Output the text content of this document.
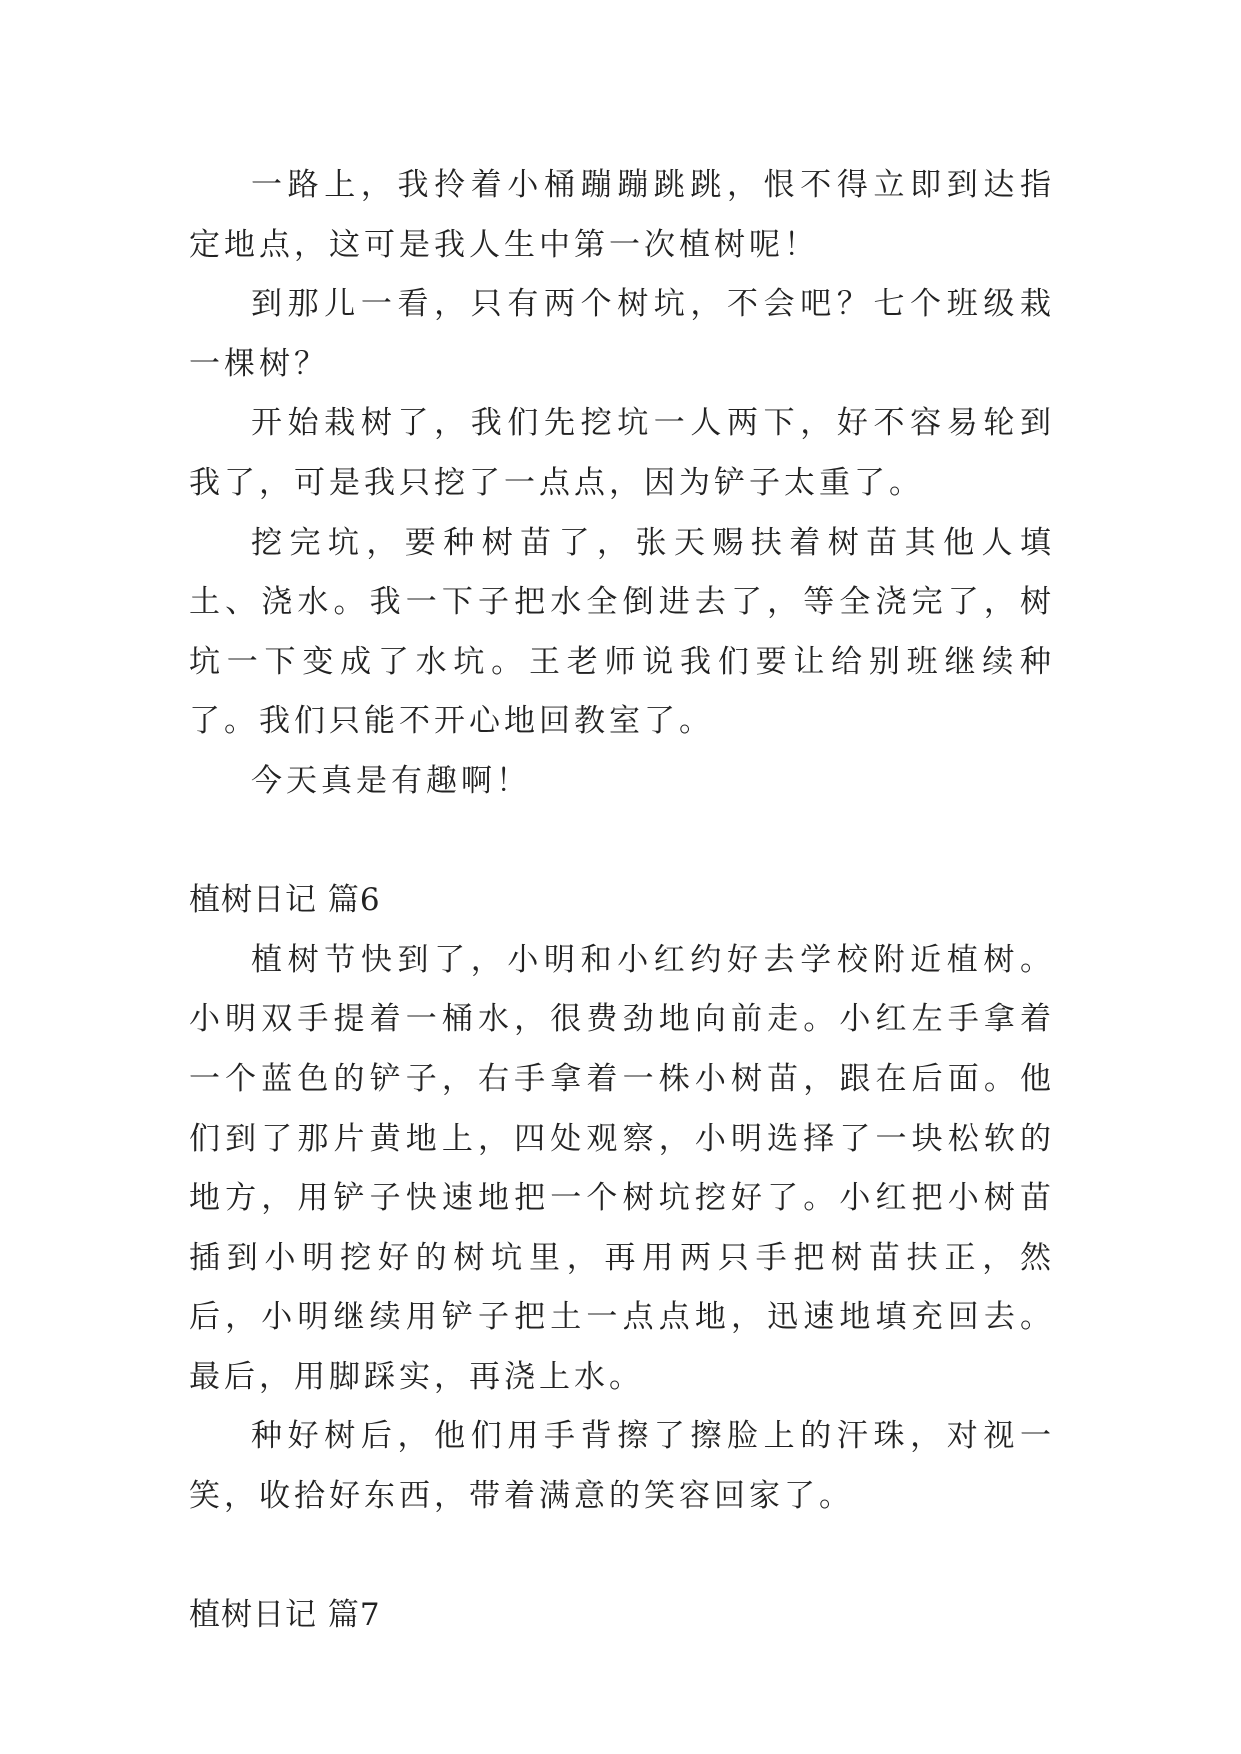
一路上，我拎着小桶蹦蹦跳跳，恨不得立即到达指定地点，这可是我人生中第一次植树呢！

到那儿一看，只有两个树坑，不会吧？七个班级栽一棵树？

开始栽树了，我们先挖坑一人两下，好不容易轮到我了，可是我只挖了一点点，因为铲子太重了。

挖完坑，要种树苗了，张天赐扶着树苗其他人填土、浇水。我一下子把水全倒进去了，等全浇完了，树坑一下变成了水坑。王老师说我们要让给别班继续种了。我们只能不开心地回教室了。

今天真是有趣啊！

植树日记 篇6

植树节快到了，小明和小红约好去学校附近植树。小明双手提着一桶水，很费劲地向前走。小红左手拿着一个蓝色的铲子，右手拿着一株小树苗，跟在后面。他们到了那片黄地上，四处观察，小明选择了一块松软的地方，用铲子快速地把一个树坑挖好了。小红把小树苗插到小明挖好的树坑里，再用两只手把树苗扶正，然后，小明继续用铲子把土一点点地，迅速地填充回去。最后，用脚踩实，再浇上水。

种好树后，他们用手背擦了擦脸上的汗珠，对视一笑，收拾好东西，带着满意的笑容回家了。

植树日记 篇7
